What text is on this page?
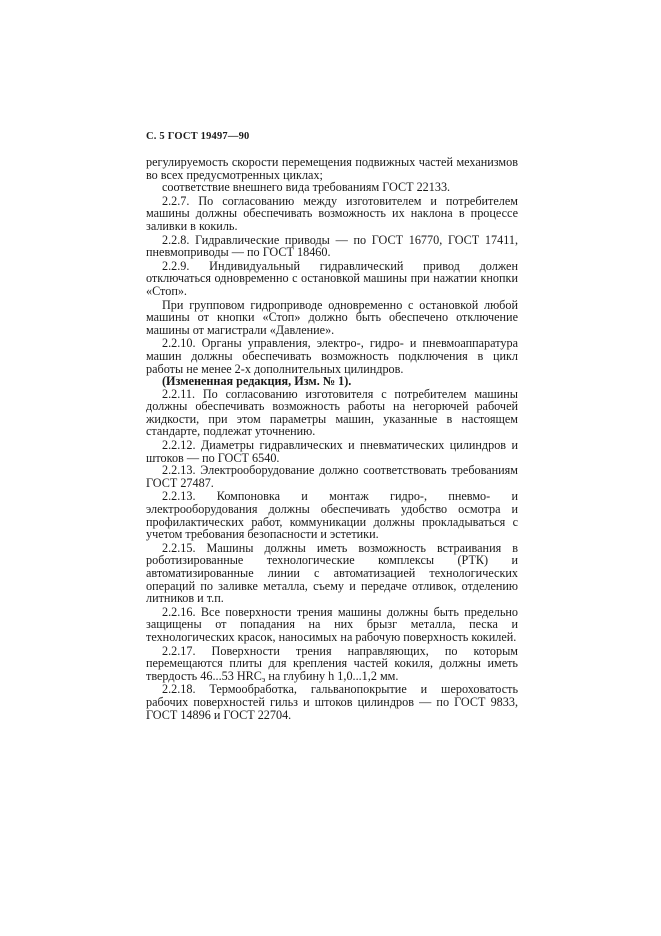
С. 5 ГОСТ 19497—90

регулируемость скорости перемещения подвижных частей механизмов во всех предусмотренных циклах;

соответствие внешнего вида требованиям ГОСТ 22133.

2.2.7. По согласованию между изготовителем и потребителем машины должны обеспечивать возможность их наклона в процессе заливки в кокиль.

2.2.8. Гидравлические приводы — по ГОСТ 16770, ГОСТ 17411, пневмоприводы — по ГОСТ 18460.

2.2.9. Индивидуальный гидравлический привод должен отключаться одновременно с остановкой машины при нажатии кнопки «Стоп».

При групповом гидроприводе одновременно с остановкой любой машины от кнопки «Стоп» должно быть обеспечено отключение машины от магистрали «Давление».

2.2.10. Органы управления, электро-, гидро- и пневмоаппаратура машин должны обеспечивать возможность подключения в цикл работы не менее 2-х дополнительных цилиндров.

(Измененная редакция, Изм. № 1).

2.2.11. По согласованию изготовителя с потребителем машины должны обеспечивать возможность работы на негорючей рабочей жидкости, при этом параметры машин, указанные в настоящем стандарте, подлежат уточнению.

2.2.12. Диаметры гидравлических и пневматических цилиндров и штоков — по ГОСТ 6540.

2.2.13. Электрооборудование должно соответствовать требованиям ГОСТ 27487.

2.2.13. Компоновка и монтаж гидро-, пневмо- и электрооборудования должны обеспечивать удобство осмотра и профилактических работ, коммуникации должны прокладываться с учетом требования безопасности и эстетики.

2.2.15. Машины должны иметь возможность встраивания в роботизированные технологические комплексы (РТК) и автоматизированные линии с автоматизацией технологических операций по заливке металла, съему и передаче отливок, отделению литников и т.п.

2.2.16. Все поверхности трения машины должны быть предельно защищены от попадания на них брызг металла, песка и технологических красок, наносимых на рабочую поверхность кокилей.

2.2.17. Поверхности трения направляющих, по которым перемещаются плиты для крепления частей кокиля, должны иметь твердость 46...53 $HRC_э$ на глубину h 1,0...1,2 мм.

2.2.18. Термообработка, гальванопокрытие и шероховатость рабочих поверхностей гильз и штоков цилиндров — по ГОСТ 9833, ГОСТ 14896 и ГОСТ 22704.
